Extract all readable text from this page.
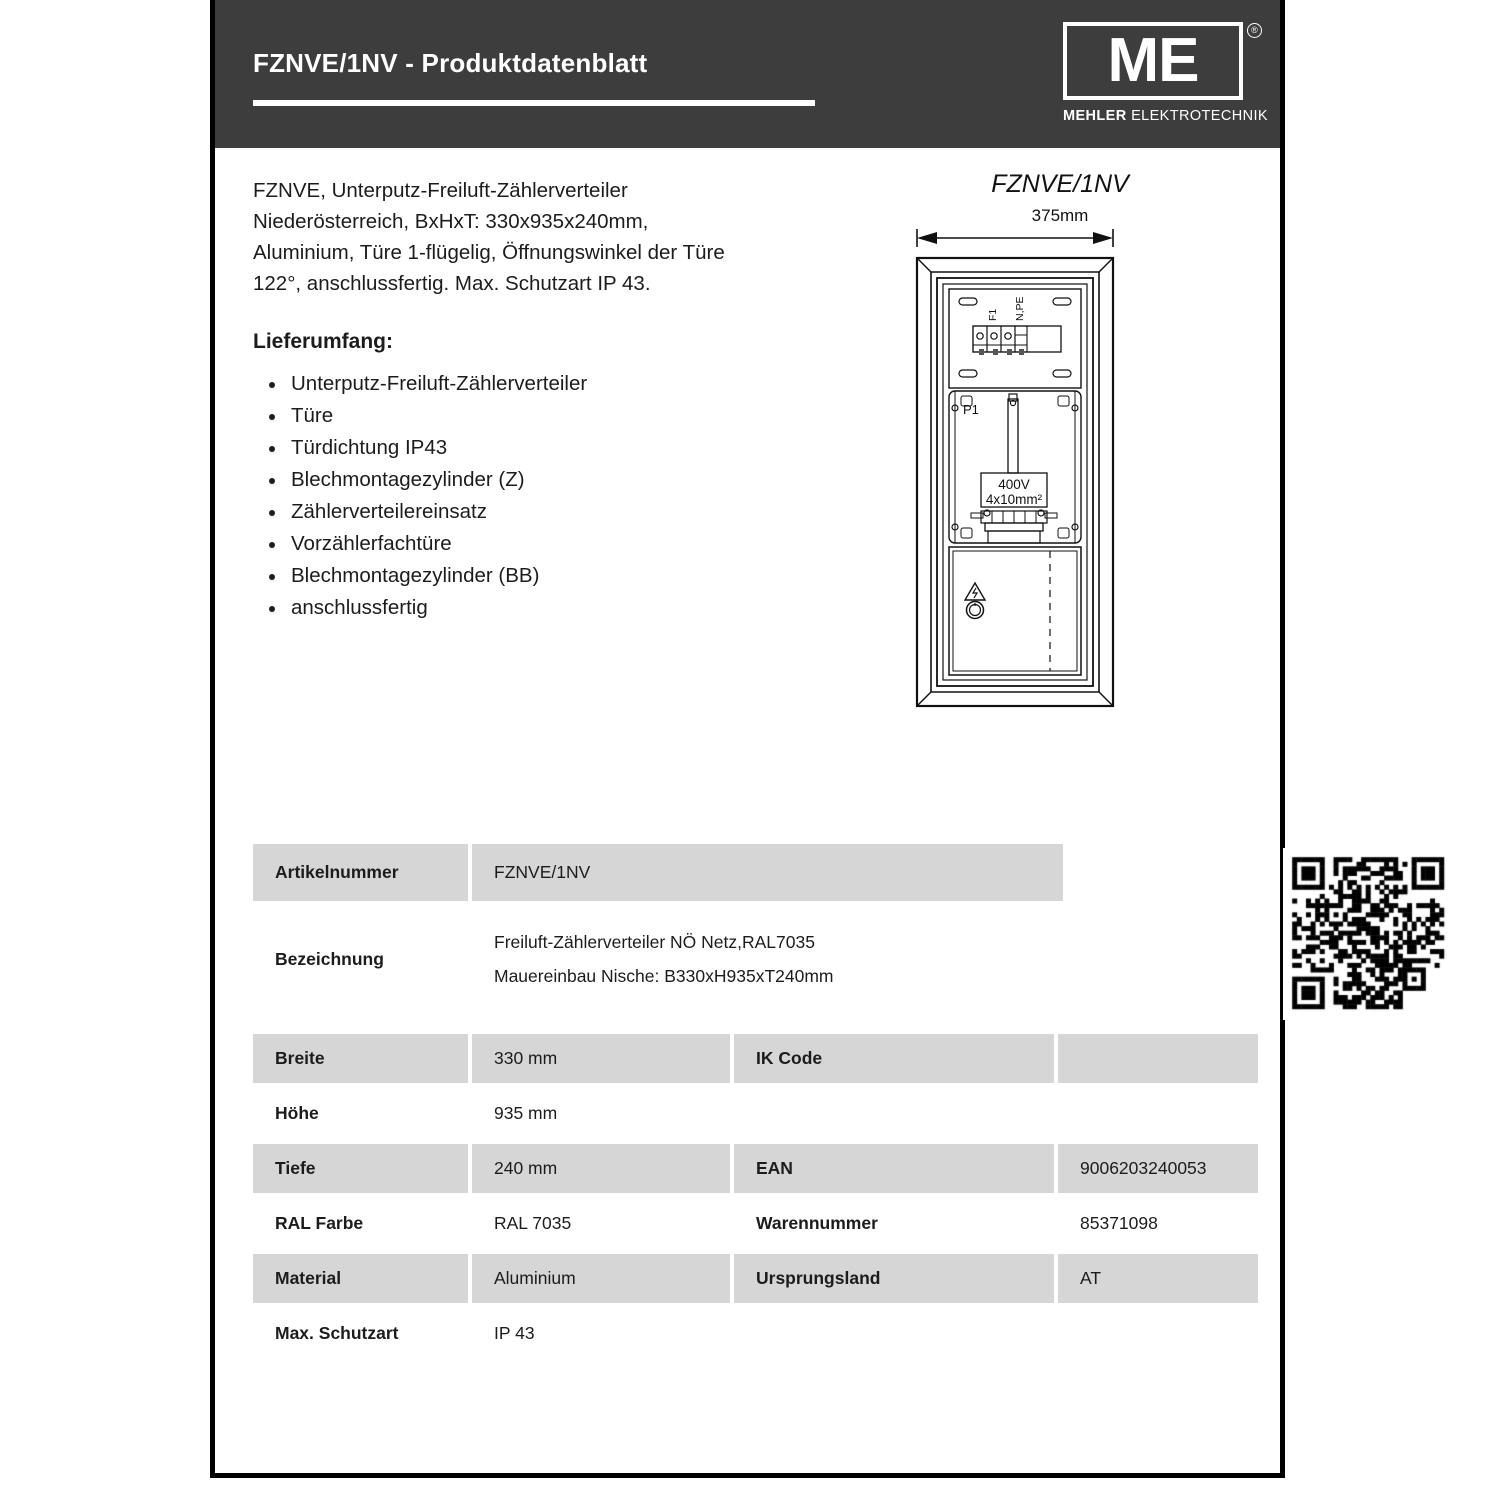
FZNVE/1NV - Produktdatenblatt	ME	®
MEHLER ELEKTROTECHNIK
FZNVE, Unterputz-Freiluft-Zählerverteiler Niederösterreich, BxHxT: 330x935x240mm, Aluminium, Türe 1-flügelig, Öffnungswinkel der Türe 122°, anschlussfertig. Max. Schutzart IP 43.
Lieferumfang:
Unterputz-Freiluft-Zählerverteiler
Türe
Türdichtung IP43
Blechmontagezylinder (Z)
Zählerverteilereinsatz
Vorzählerfachtüre
Blechmontagezylinder (BB)
anschlussfertig
FZNVE/1NV
375mm
F1 N,PE
P1
400V
4x10mm²
Artikelnummer	FZNVE/1NV
Bezeichnung	Freiluft-Zählerverteiler NÖ Netz,RAL7035
Mauereinbau Nische: B330xH935xT240mm
Breite	330 mm	IK Code	
Höhe	935 mm		
Tiefe	240 mm	EAN	9006203240053
RAL Farbe	RAL 7035	Warennummer	85371098
Material	Aluminium	Ursprungsland	AT
Max. Schutzart	IP 43		
